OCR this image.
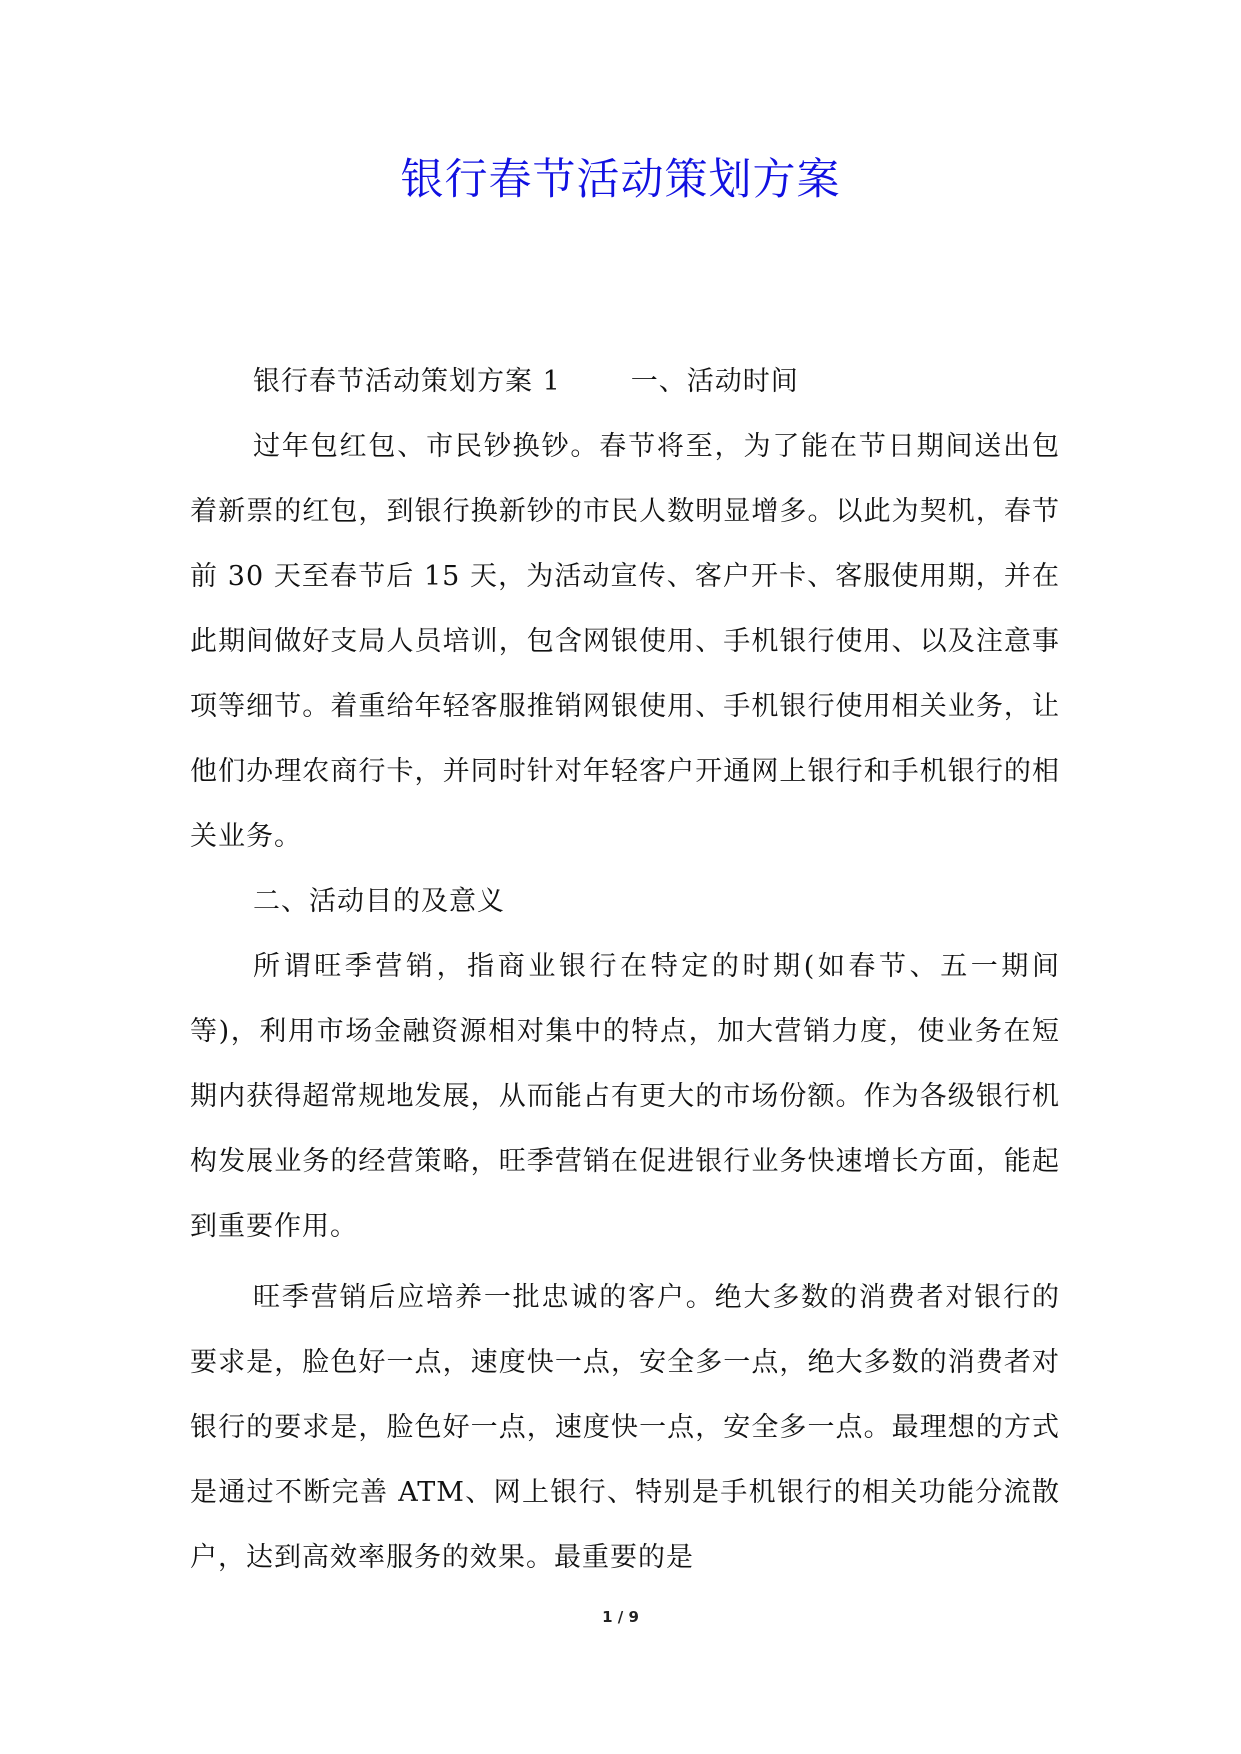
银行春节活动策划方案

银行春节活动策划方案 1	一、活动时间

过年包红包、市民钞换钞。春节将至，为了能在节日期间送出包着新票的红包，到银行换新钞的市民人数明显增多。以此为契机，春节前 30 天至春节后 15 天，为活动宣传、客户开卡、客服使用期，并在此期间做好支局人员培训，包含网银使用、手机银行使用、以及注意事项等细节。着重给年轻客服推销网银使用、手机银行使用相关业务，让他们办理农商行卡，并同时针对年轻客户开通网上银行和手机银行的相关业务。

二、活动目的及意义

所谓旺季营销，指商业银行在特定的时期(如春节、五一期间等)，利用市场金融资源相对集中的特点，加大营销力度，使业务在短期内获得超常规地发展，从而能占有更大的市场份额。作为各级银行机构发展业务的经营策略，旺季营销在促进银行业务快速增长方面，能起到重要作用。

旺季营销后应培养一批忠诚的客户。绝大多数的消费者对银行的要求是，脸色好一点，速度快一点，安全多一点，绝大多数的消费者对银行的要求是，脸色好一点，速度快一点，安全多一点。最理想的方式是通过不断完善 ATM、网上银行、特别是手机银行的相关功能分流散户，达到高效率服务的效果。最重要的是

1 / 9
